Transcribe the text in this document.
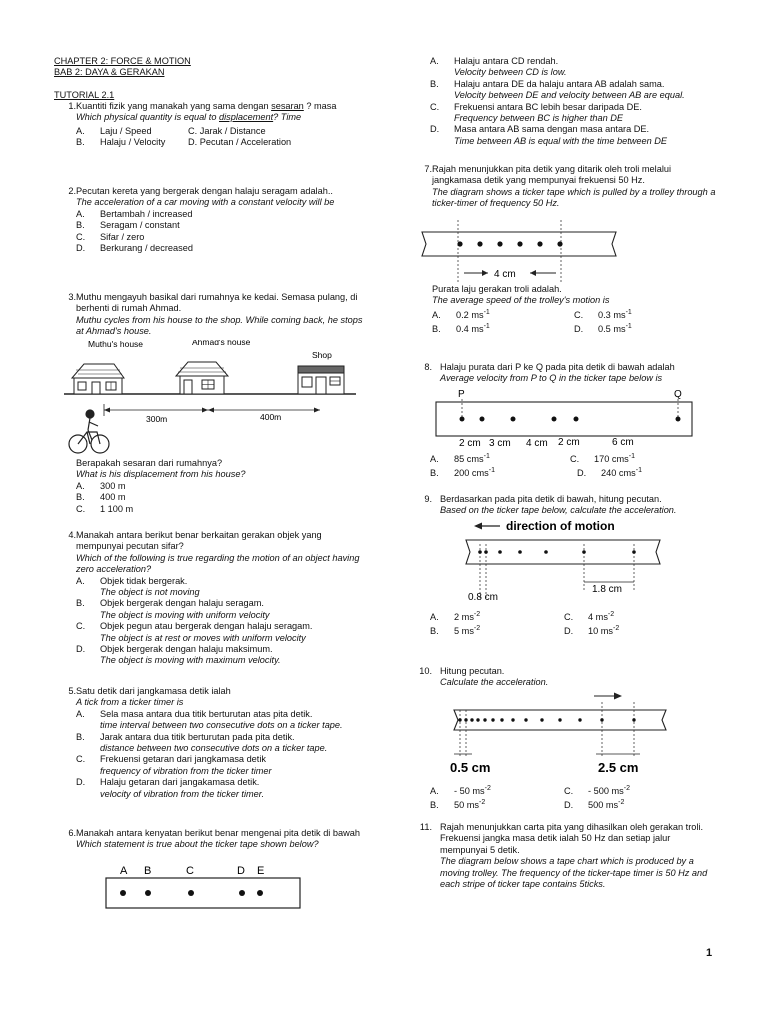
CHAPTER 2: FORCE & MOTION
BAB 2: DAYA & GERAKAN
TUTORIAL 2.1
1. Kuantiti fizik yang manakah yang sama dengan sesaran ? masa
Which physical quantity is equal to displacement? Time
A.	Laju / Speed	C. Jarak / Distance
B.	Halaju / Velocity D. Pecutan / Acceleration
2. Pecutan kereta yang bergerak dengan halaju seragam adalah..
The acceleration of a car moving with a constant velocity will be
A.	Bertambah / increased
B.	Seragam / constant
C.	Sifar / zero
D.	Berkurang / decreased
3. Muthu mengayuh basikal dari rumahnya ke kedai. Semasa pulang, di berhenti di rumah Ahmad.
Muthu cycles from his house to the shop. While coming back, he stops at Ahmad's house.
Muthu's house	Ahmad's house
Shop
300m	400m
Berapakah sesaran dari rumahnya?
What is his displacement from his house?
A.	300 m
B.	400 m
C.	1 100 m
4. Manakah antara berikut benar berkaitan gerakan objek yang mempunyai pecutan sifar?
Which of the following is true regarding the motion of an object having zero acceleration?
A.	Objek tidak bergerak.
The object is not moving
B.	Objek bergerak dengan halaju seragam.
The object is moving with uniform velocity
C.	Objek pegun atau bergerak dengan halaju seragam.
The object is at rest or moves with uniform velocity
D.	Objek bergerak dengan halaju maksimum.
The object is moving with maximum velocity.
5. Satu detik dari jangkamasa detik ialah
A tick from a ticker timer is
A.	Sela masa antara dua titik berturutan atas pita detik.
time interval between two consecutive dots on a ticker tape.
B.	Jarak antara dua titik berturutan pada pita detik.
distance between two consecutive dots on a ticker tape.
C.	Frekuensi getaran dari jangkamasa detik
frequency of vibration from the ticker timer
D.	Halaju getaran dari jangakamasa detik.
velocity of vibration from the ticker timer.
6. Manakah antara kenyatan berikut benar mengenai pita detik di bawah
Which statement is true about the ticker tape shown below?
A B	C	D E
A.	Halaju antara CD rendah.
Velocity between CD is low.
B.	Halaju antara DE da halaju antara AB adalah sama.
Velocity between DE and velocity between AB are equal.
C.	Frekuensi antara BC lebih besar daripada DE.
Frequency between BC is higher than DE
D.	Masa antara AB sama dengan masa antara DE.
Time between AB is equal with the time between DE
7. Rajah menunjukkan pita detik yang ditarik oleh troli melalui jangkamasa detik yang mempunyai frekuensi 50 Hz.
The diagram shows a ticker tape which is pulled by a trolley through a ticker-timer of frequency 50 Hz.
4 cm
Purata laju gerakan troli adalah.
The average speed of the trolley's motion is
A.	0.2 $ms^{-1}$	C.	0.3 $ms^{-1}$
B.	0.4 $ms^{-1}$	D.	0.5 $ms^{-1}$
8. Halaju purata dari P ke Q pada pita detik di bawah adalah
Average velocity from P to Q in the ticker tape below is
P	Q
2 cm 3 cm 4 cm 2 cm	6 cm
A.	85 cms$^{-1}$	C.	170 cms$^{-1}$
B.	200 cms$^{-1}$	D.	240 cms$^{-1}$
9. Berdasarkan pada pita detik di bawah, hitung pecutan.
Based on the ticker tape below, calculate the acceleration.
direction of motion
1.8 cm
0.8 cm
A.	2 $ms^{-2}$	C.	4 $ms^{-2}$
B.	5 $ms^{-2}$	D.	10 $ms^{-2}$
10. Hitung pecutan.
Calculate the acceleration.
0.5 cm	2.5 cm
A.	- 50 $ms^{-2}$	C.	- 500 $ms^{-2}$
B.	50 $ms^{-2}$	D.	500 $ms^{-2}$
11. Rajah menunjukkan carta pita yang dihasilkan oleh gerakan troli. Frekuensi jangka masa detik ialah 50 Hz dan setiap jalur mempunyai 5 detik.
The diagram below shows a tape chart which is produced by a moving trolley. The frequency of the ticker-tape timer is 50 Hz and each stripe of ticker tape contains 5ticks.
1
